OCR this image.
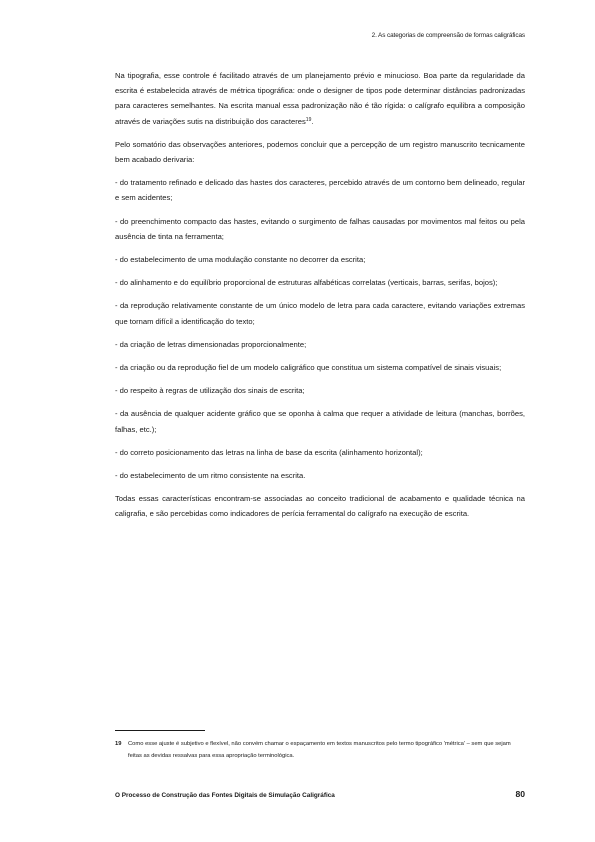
2. As categorias de compreensão de formas caligráficas

Na tipografia, esse controle é facilitado através de um planejamento prévio e minucioso. Boa parte da regularidade da escrita é estabelecida através de métrica tipográfica: onde o designer de tipos pode determinar distâncias padronizadas para caracteres semelhantes. Na escrita manual essa padronização não é tão rígida: o calígrafo equilibra a composição através de variações sutis na distribuição dos caracteres$^{19}$.

Pelo somatório das observações anteriores, podemos concluir que a percepção de um registro manuscrito tecnicamente bem acabado derivaria:

- do tratamento refinado e delicado das hastes dos caracteres, percebido através de um contorno bem delineado, regular e sem acidentes;

- do preenchimento compacto das hastes, evitando o surgimento de falhas causadas por movimentos mal feitos ou pela ausência de tinta na ferramenta;

- do estabelecimento de uma modulação constante no decorrer da escrita;

- do alinhamento e do equilíbrio proporcional de estruturas alfabéticas correlatas (verticais, barras, serifas, bojos);

- da reprodução relativamente constante de um único modelo de letra para cada caractere, evitando variações extremas que tornam difícil a identificação do texto;

- da criação de letras dimensionadas proporcionalmente;

- da criação ou da reprodução fiel de um modelo caligráfico que constitua um sistema compatível de sinais visuais;

- do respeito à regras de utilização dos sinais de escrita;

- da ausência de qualquer acidente gráfico que se oponha à calma que requer a atividade de leitura (manchas, borrões, falhas, etc.);

- do correto posicionamento das letras na linha de base da escrita (alinhamento horizontal);

- do estabelecimento de um ritmo consistente na escrita.

Todas essas características encontram-se associadas ao conceito tradicional de acabamento e qualidade técnica na caligrafia, e são percebidas como indicadores de perícia ferramental do calígrafo na execução de escrita.

19	Como esse ajuste é subjetivo e flexível, não convém chamar o espaçamento em textos manuscritos pelo termo tipográfico 'métrica' – sem que sejam feitas as devidas ressalvas para essa apropriação terminológica.
O Processo de Construção das Fontes Digitais de Simulação Caligráfica	80
